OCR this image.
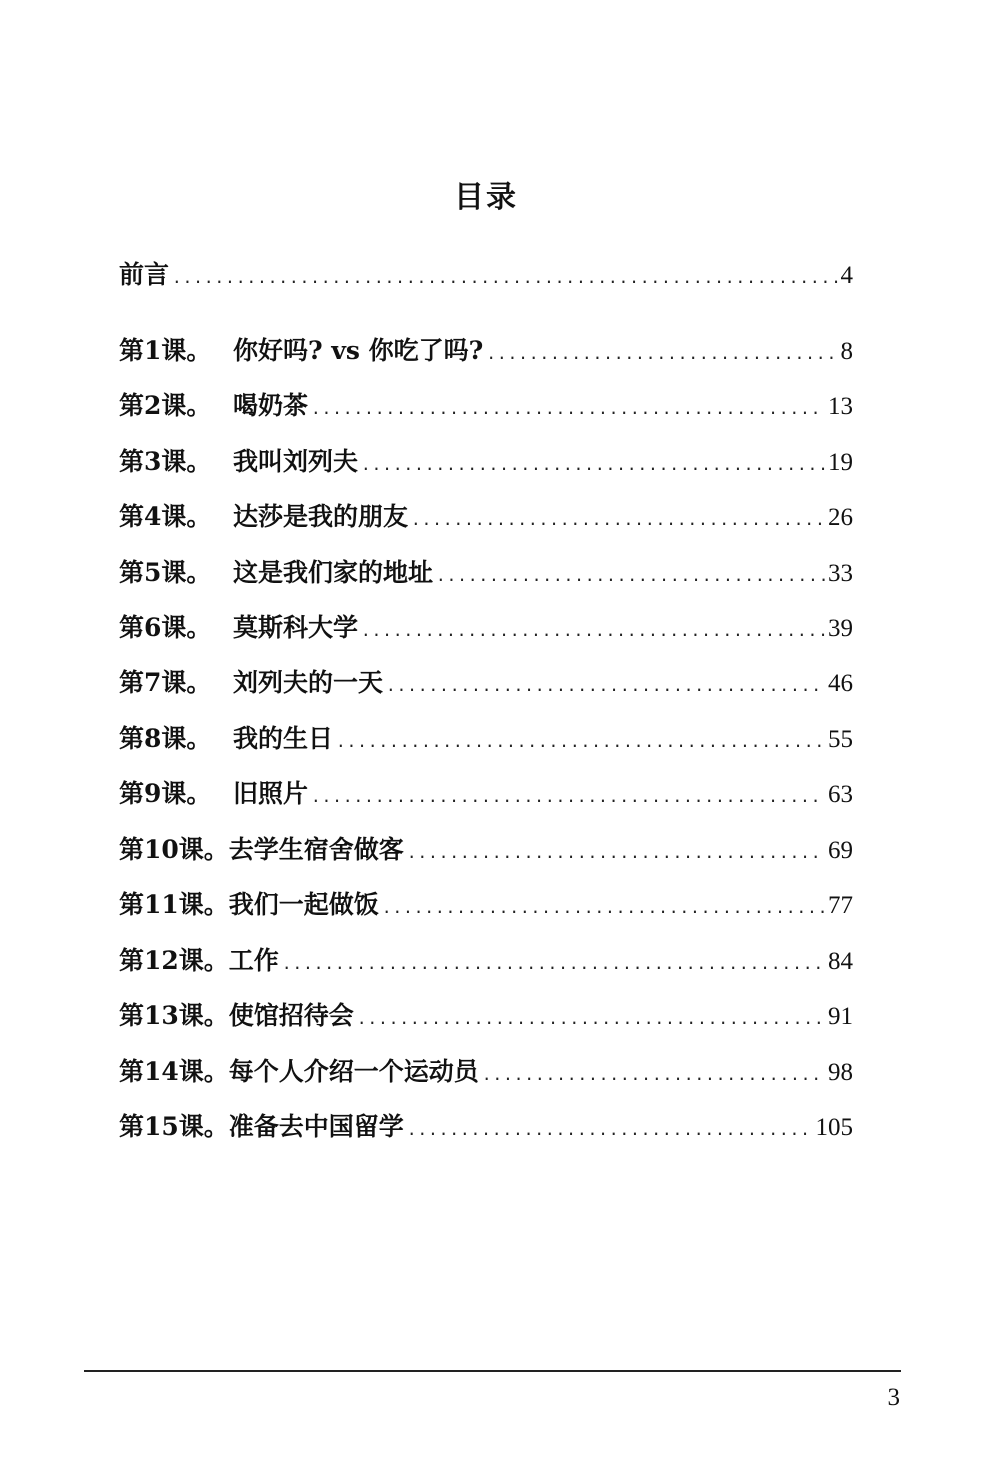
目录
前言 .....	4
第1课。 你好吗? vs 你吃了吗? .....	8
第2课。 喝奶茶 .....	13
第3课。 我叫刘列夫 .....	19
第4课。 达莎是我的朋友 .....	26
第5课。 这是我们家的地址 .....	33
第6课。 莫斯科大学 .....	39
第7课。 刘列夫的一天 .....	46
第8课。 我的生日 .....	55
第9课。 旧照片 .....	63
第10课。 去学生宿舍做客 .....	69
第11课。 我们一起做饭 .....	77
第12课。 工作 .....	84
第13课。 使馆招待会 .....	91
第14课。 每个人介绍一个运动员 .....	98
第15课。 准备去中国留学 .....	105
3
